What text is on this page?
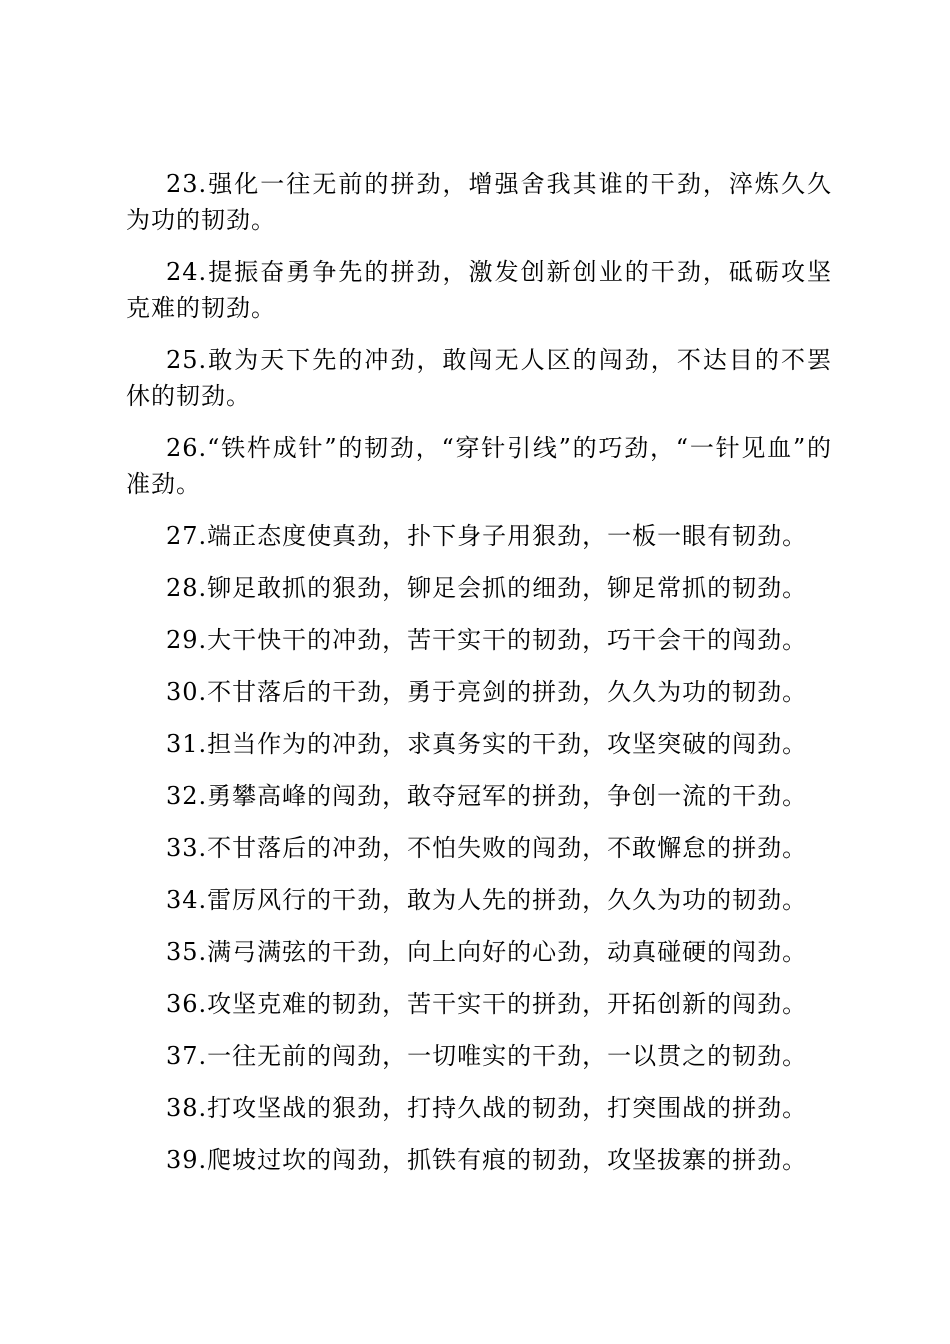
23.强化一往无前的拼劲，增强舍我其谁的干劲，淬炼久久为功的韧劲。

24.提振奋勇争先的拼劲，激发创新创业的干劲，砥砺攻坚克难的韧劲。

25.敢为天下先的冲劲，敢闯无人区的闯劲，不达目的不罢休的韧劲。

26.“铁杵成针”的韧劲，“穿针引线”的巧劲，“一针见血”的准劲。

27.端正态度使真劲，扑下身子用狠劲，一板一眼有韧劲。

28.铆足敢抓的狠劲，铆足会抓的细劲，铆足常抓的韧劲。

29.大干快干的冲劲，苦干实干的韧劲，巧干会干的闯劲。

30.不甘落后的干劲，勇于亮剑的拼劲，久久为功的韧劲。

31.担当作为的冲劲，求真务实的干劲，攻坚突破的闯劲。

32.勇攀高峰的闯劲，敢夺冠军的拼劲，争创一流的干劲。

33.不甘落后的冲劲，不怕失败的闯劲，不敢懈怠的拼劲。

34.雷厉风行的干劲，敢为人先的拼劲，久久为功的韧劲。

35.满弓满弦的干劲，向上向好的心劲，动真碰硬的闯劲。

36.攻坚克难的韧劲，苦干实干的拼劲，开拓创新的闯劲。

37.一往无前的闯劲，一切唯实的干劲，一以贯之的韧劲。

38.打攻坚战的狠劲，打持久战的韧劲，打突围战的拼劲。

39.爬坡过坎的闯劲，抓铁有痕的韧劲，攻坚拔寨的拼劲。
